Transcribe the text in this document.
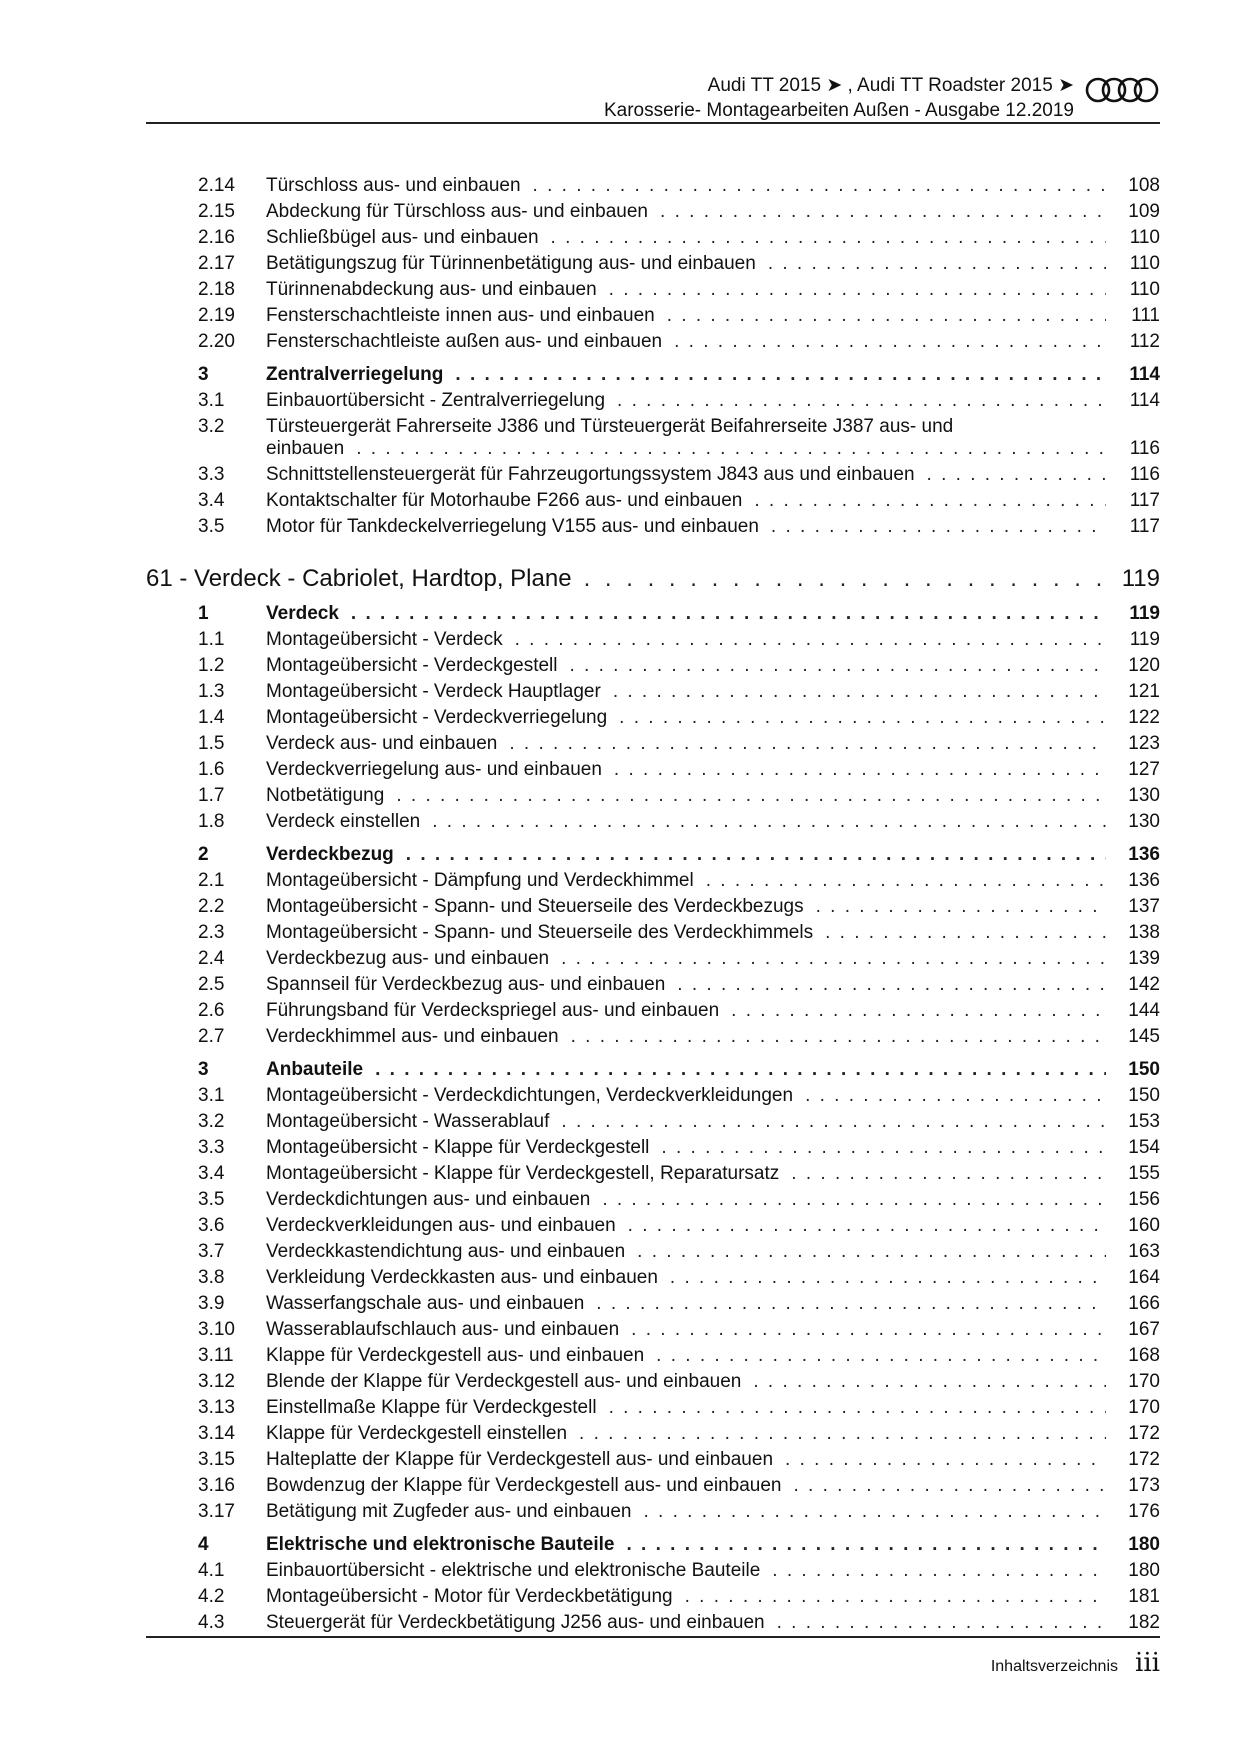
Audi TT 2015 ➤ , Audi TT Roadster 2015 ➤
Karosserie- Montagearbeiten Außen - Ausgabe 12.2019
2.14 Türschloss aus- und einbauen . . .	108
2.15 Abdeckung für Türschloss aus- und einbauen . . .	109
2.16 Schließbügel aus- und einbauen . . .	110
2.17 Betätigungszug für Türinnenbetätigung aus- und einbauen . . .	110
2.18 Türinnenabdeckung aus- und einbauen . . .	110
2.19 Fensterschachtleiste innen aus- und einbauen . . .	111
2.20 Fensterschachtleiste außen aus- und einbauen . . .	112
3	Zentralverriegelung . . .	114
3.1 Einbauortübersicht - Zentralverriegelung . . .	114
3.2 Türsteuergerät Fahrerseite J386 und Türsteuergerät Beifahrerseite J387 aus- und
einbauen . . .	116
3.3 Schnittstellensteuergerät für Fahrzeugortungssystem J843 aus und einbauen . . .	116
3.4 Kontaktschalter für Motorhaube F266 aus- und einbauen . . .	117
3.5 Motor für Tankdeckelverriegelung V155 aus- und einbauen . . .	117
61 - Verdeck - Cabriolet, Hardtop, Plane . . .	119
1	Verdeck . . .	119
1.1 Montageübersicht - Verdeck . . .	119
1.2 Montageübersicht - Verdeckgestell . . .	120
1.3 Montageübersicht - Verdeck Hauptlager . . .	121
1.4 Montageübersicht - Verdeckverriegelung . . .	122
1.5 Verdeck aus- und einbauen . . .	123
1.6 Verdeckverriegelung aus- und einbauen . . .	127
1.7 Notbetätigung . . .	130
1.8 Verdeck einstellen . . .	130
2	Verdeckbezug . . .	136
2.1 Montageübersicht - Dämpfung und Verdeckhimmel . . .	136
2.2 Montageübersicht - Spann- und Steuerseile des Verdeckbezugs . . .	137
2.3 Montageübersicht - Spann- und Steuerseile des Verdeckhimmels . . .	138
2.4 Verdeckbezug aus- und einbauen . . .	139
2.5 Spannseil für Verdeckbezug aus- und einbauen . . .	142
2.6 Führungsband für Verdeckspriegel aus- und einbauen . . .	144
2.7 Verdeckhimmel aus- und einbauen . . .	145
3	Anbauteile . . .	150
3.1 Montageübersicht - Verdeckdichtungen, Verdeckverkleidungen . . .	150
3.2 Montageübersicht - Wasserablauf . . .	153
3.3 Montageübersicht - Klappe für Verdeckgestell . . .	154
3.4 Montageübersicht - Klappe für Verdeckgestell, Reparatursatz . . .	155
3.5 Verdeckdichtungen aus- und einbauen . . .	156
3.6 Verdeckverkleidungen aus- und einbauen . . .	160
3.7 Verdeckkastendichtung aus- und einbauen . . .	163
3.8 Verkleidung Verdeckkasten aus- und einbauen . . .	164
3.9 Wasserfangschale aus- und einbauen . . .	166
3.10 Wasserablaufschlauch aus- und einbauen . . .	167
3.11 Klappe für Verdeckgestell aus- und einbauen . . .	168
3.12 Blende der Klappe für Verdeckgestell aus- und einbauen . . .	170
3.13 Einstellmaße Klappe für Verdeckgestell . . .	170
3.14 Klappe für Verdeckgestell einstellen . . .	172
3.15 Halteplatte der Klappe für Verdeckgestell aus- und einbauen . . .	172
3.16 Bowdenzug der Klappe für Verdeckgestell aus- und einbauen . . .	173
3.17 Betätigung mit Zugfeder aus- und einbauen . . .	176
4	Elektrische und elektronische Bauteile . . .	180
4.1 Einbauortübersicht - elektrische und elektronische Bauteile . . .	180
4.2 Montageübersicht - Motor für Verdeckbetätigung . . .	181
4.3 Steuergerät für Verdeckbetätigung J256 aus- und einbauen . . .	182
Inhaltsverzeichnis iii
